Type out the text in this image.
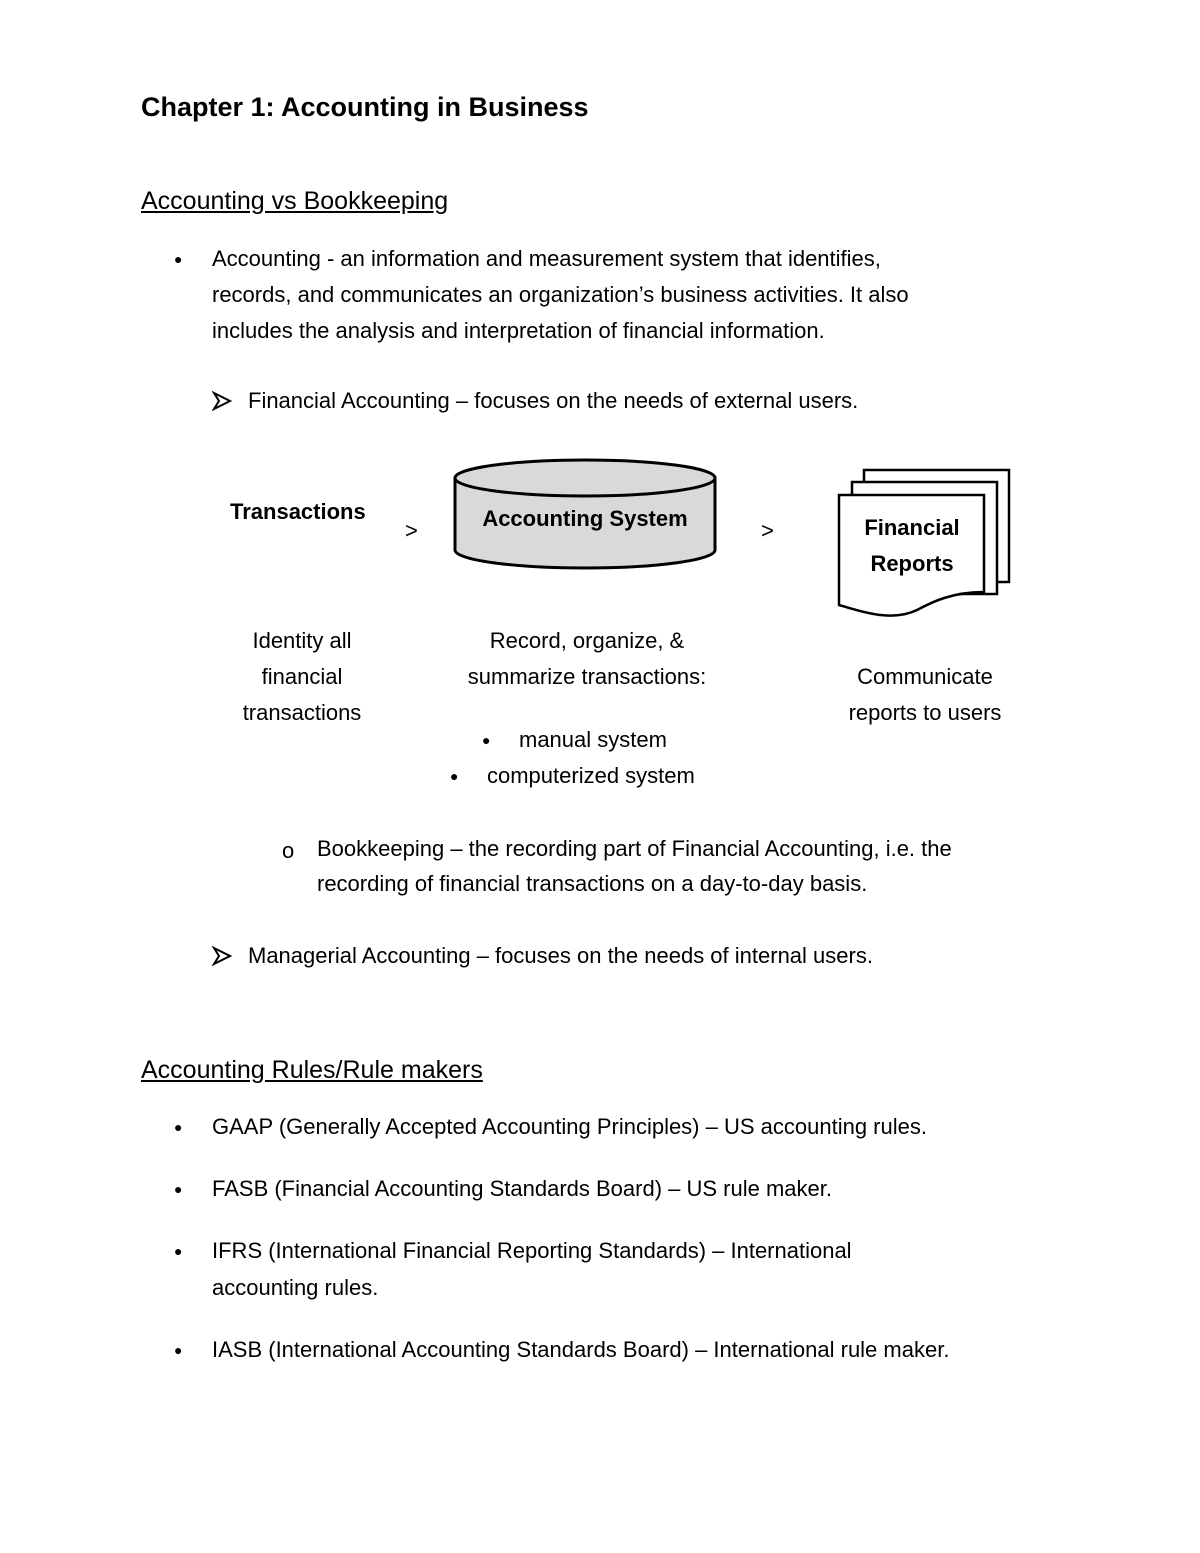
Chapter 1: Accounting in Business
Accounting vs Bookkeeping
● Accounting - an information and measurement system that identifies,
records, and communicates an organization’s business activities. It also
includes the analysis and interpretation of financial information.
Financial Accounting – focuses on the needs of external users.
Transactions
>	Accounting System	>	Financial
Reports
Identity all
financial
transactions
Record, organize, &
summarize transactions:
● manual system
● computerized system
Communicate
reports to users
o Bookkeeping – the recording part of Financial Accounting, i.e. the
recording of financial transactions on a day-to-day basis.
Managerial Accounting – focuses on the needs of internal users.
Accounting Rules/Rule makers
● GAAP (Generally Accepted Accounting Principles) – US accounting rules.
● FASB (Financial Accounting Standards Board) – US rule maker.
● IFRS (International Financial Reporting Standards) – International
accounting rules.
● IASB (International Accounting Standards Board) – International rule maker.
